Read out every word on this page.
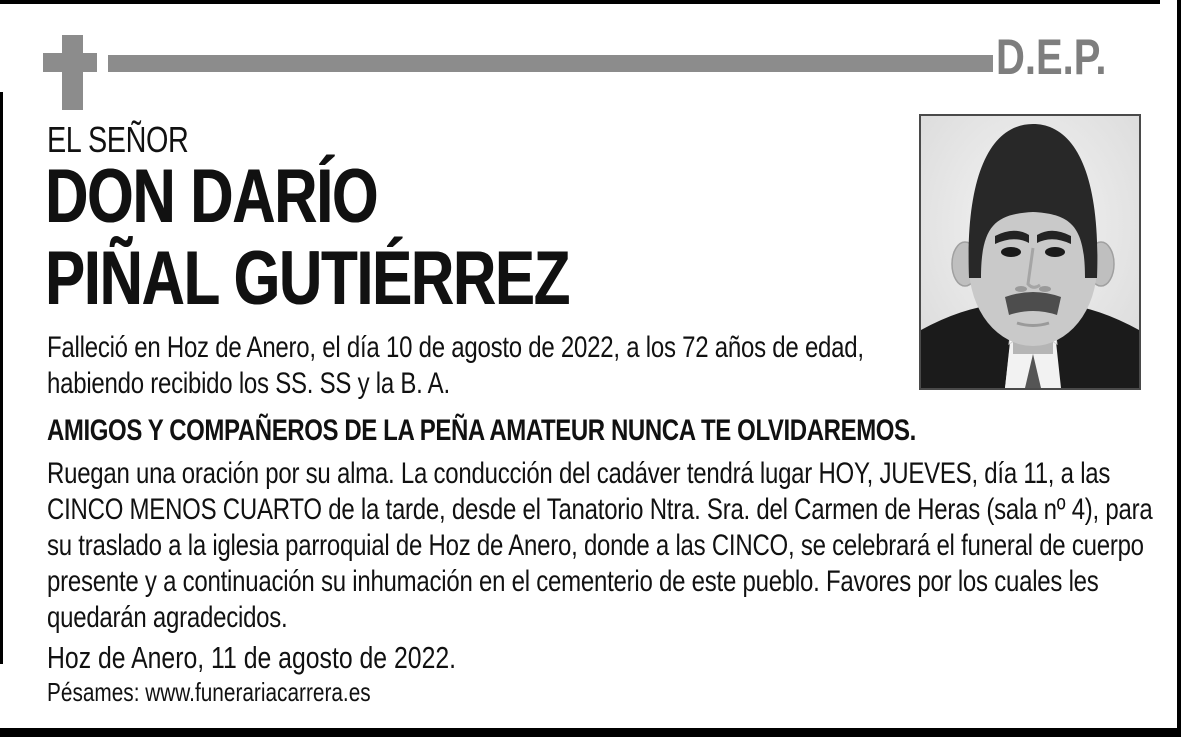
D.E.P.
EL SEÑOR
DON DARÍO
PIÑAL GUTIÉRREZ
Falleció en Hoz de Anero, el día 10 de agosto de 2022, a los 72 años de edad, habiendo recibido los SS. SS y la B. A.
AMIGOS Y COMPAÑEROS DE LA PEÑA AMATEUR NUNCA TE OLVIDAREMOS.
Ruegan una oración por su alma. La conducción del cadáver tendrá lugar HOY, JUEVES, día 11, a las CINCO MENOS CUARTO de la tarde, desde el Tanatorio Ntra. Sra. del Carmen de Heras (sala nº 4), para su traslado a la iglesia parroquial de Hoz de Anero, donde a las CINCO, se celebrará el funeral de cuerpo presente y a continuación su inhumación en el cementerio de este pueblo. Favores por los cuales les quedarán agradecidos.
Hoz de Anero, 11 de agosto de 2022.
Pésames: www.funerariacarrera.es
